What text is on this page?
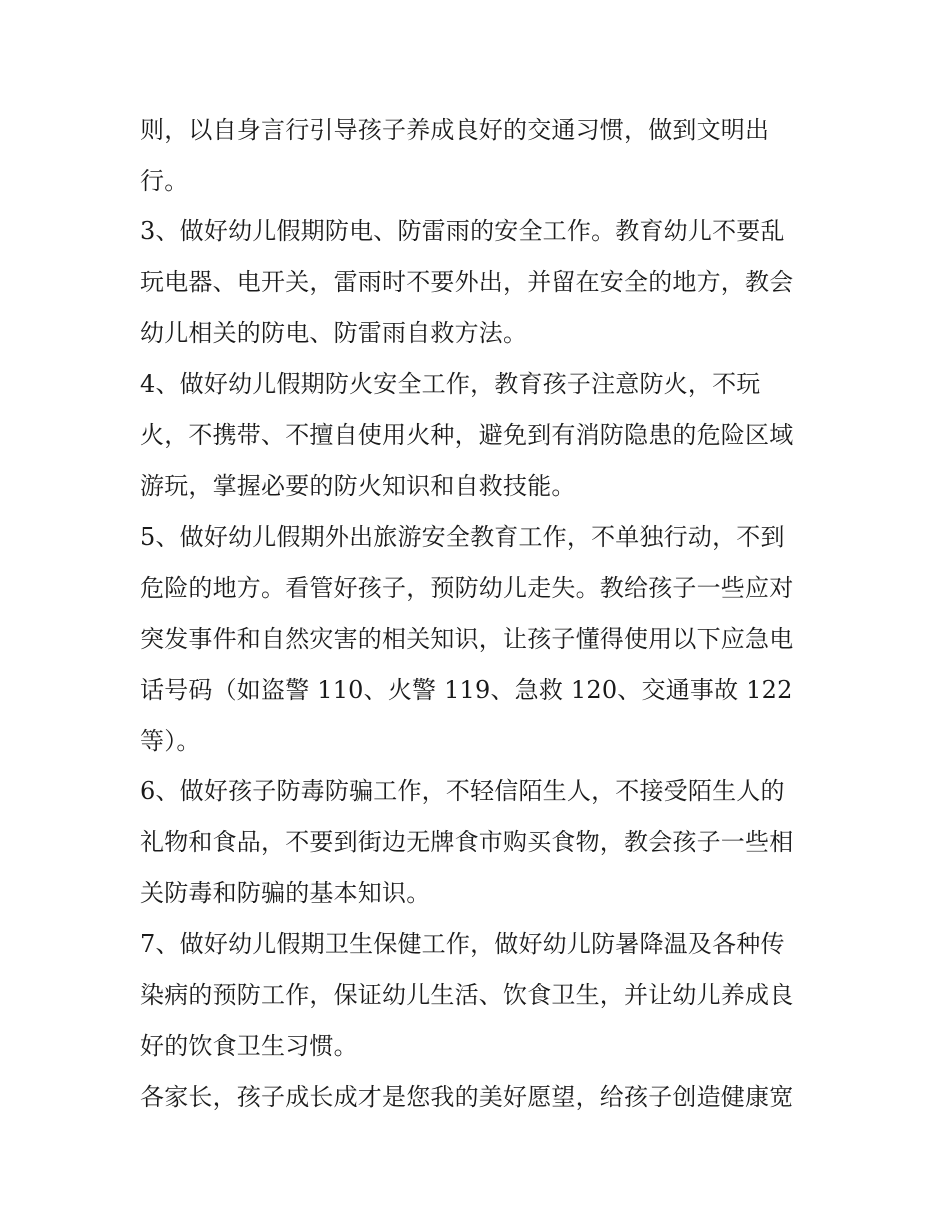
则，以自身言行引导孩子养成良好的交通习惯，做到文明出
行。
3、做好幼儿假期防电、防雷雨的安全工作。教育幼儿不要乱
玩电器、电开关，雷雨时不要外出，并留在安全的地方，教会
幼儿相关的防电、防雷雨自救方法。
4、做好幼儿假期防火安全工作，教育孩子注意防火，不玩
火，不携带、不擅自使用火种，避免到有消防隐患的危险区域
游玩，掌握必要的防火知识和自救技能。
5、做好幼儿假期外出旅游安全教育工作，不单独行动，不到
危险的地方。看管好孩子，预防幼儿走失。教给孩子一些应对
突发事件和自然灾害的相关知识，让孩子懂得使用以下应急电
话号码（如盗警 110、火警 119、急救 120、交通事故 122
等）。
6、做好孩子防毒防骗工作，不轻信陌生人，不接受陌生人的
礼物和食品，不要到街边无牌食市购买食物，教会孩子一些相
关防毒和防骗的基本知识。
7、做好幼儿假期卫生保健工作，做好幼儿防暑降温及各种传
染病的预防工作，保证幼儿生活、饮食卫生，并让幼儿养成良
好的饮食卫生习惯。
各家长，孩子成长成才是您我的美好愿望，给孩子创造健康宽
